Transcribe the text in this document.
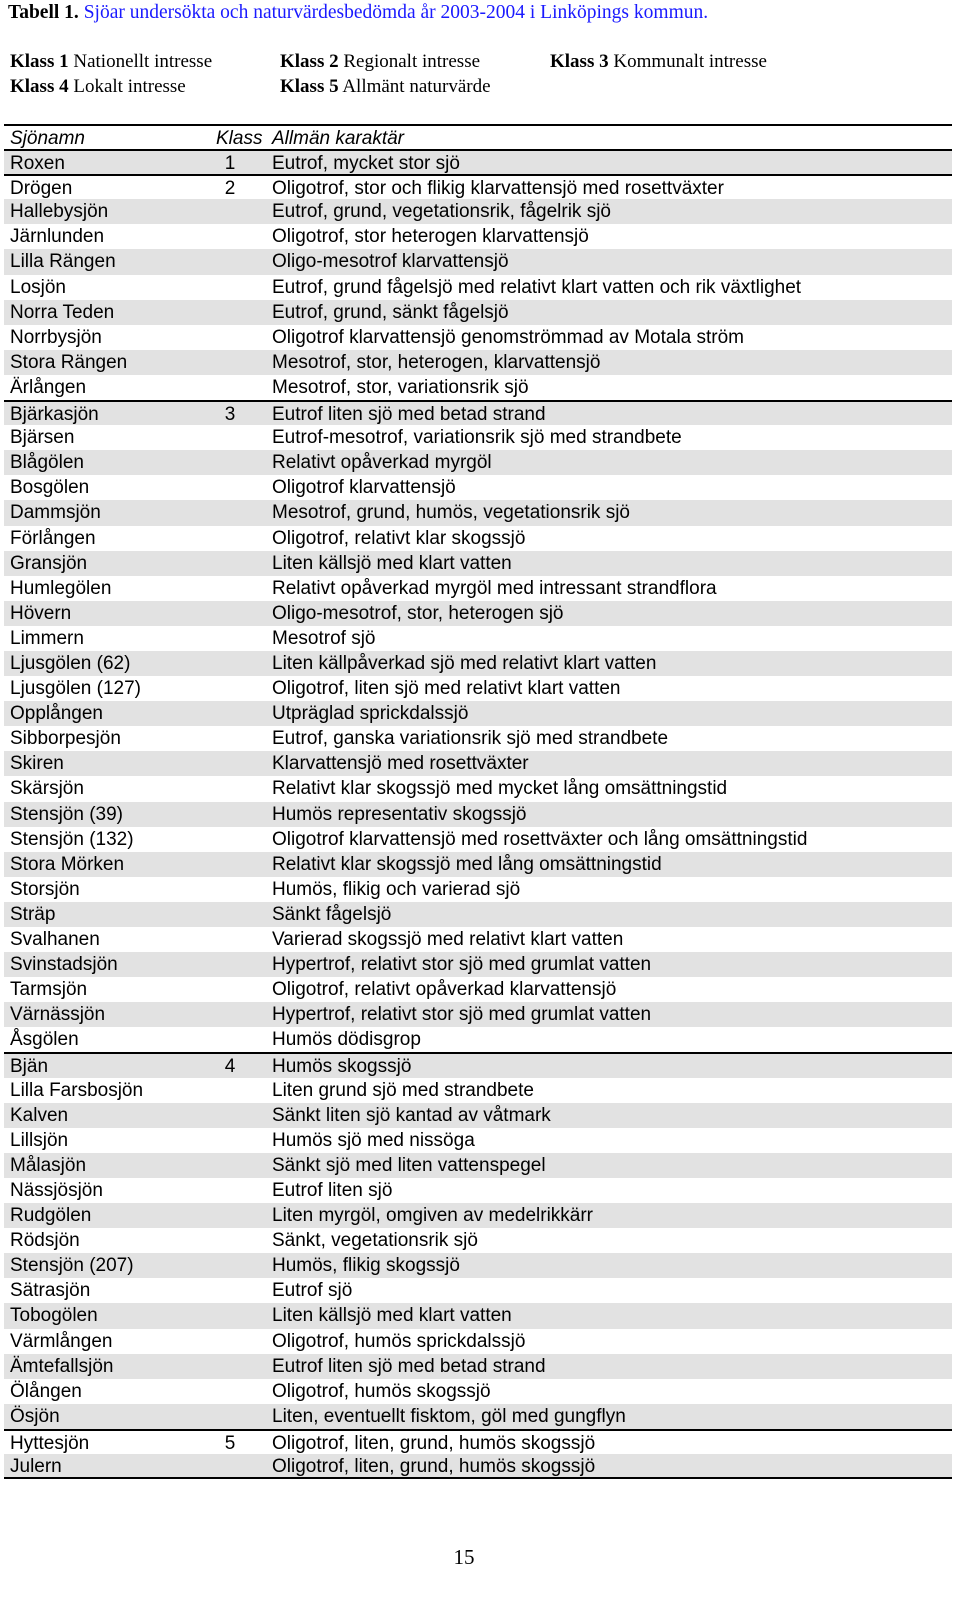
Tabell 1. Sjöar undersökta och naturvärdesbedömda år 2003-2004 i Linköpings kommun.
Klass 1 Nationellt intresse	Klass 2 Regionalt intresse	Klass 3 Kommunalt intresse
Klass 4 Lokalt intresse	Klass 5 Allmänt naturvärde
Sjönamn	Klass Allmän karaktär
Roxen	1	Eutrof, mycket stor sjö
Drögen	2	Oligotrof, stor och flikig klarvattensjö med rosettväxter
Hallebysjön	Eutrof, grund, vegetationsrik, fågelrik sjö
Järnlunden	Oligotrof, stor heterogen klarvattensjö
Lilla Rängen	Oligo-mesotrof klarvattensjö
Losjön	Eutrof, grund fågelsjö med relativt klart vatten och rik växtlighet
Norra Teden	Eutrof, grund, sänkt fågelsjö
Norrbysjön	Oligotrof klarvattensjö genomströmmad av Motala ström
Stora Rängen	Mesotrof, stor, heterogen, klarvattensjö
Ärlången	Mesotrof, stor, variationsrik sjö
Bjärkasjön	3	Eutrof liten sjö med betad strand
Bjärsen	Eutrof-mesotrof, variationsrik sjö med strandbete
Blågölen	Relativt opåverkad myrgöl
Bosgölen	Oligotrof klarvattensjö
Dammsjön	Mesotrof, grund, humös, vegetationsrik sjö
Förlången	Oligotrof, relativt klar skogssjö
Gransjön	Liten källsjö med klart vatten
Humlegölen	Relativt opåverkad myrgöl med intressant strandflora
Hövern	Oligo-mesotrof, stor, heterogen sjö
Limmern	Mesotrof sjö
Ljusgölen (62)	Liten källpåverkad sjö med relativt klart vatten
Ljusgölen (127)	Oligotrof, liten sjö med relativt klart vatten
Opplången	Utpräglad sprickdalssjö
Sibborpesjön	Eutrof, ganska variationsrik sjö med strandbete
Skiren	Klarvattensjö med rosettväxter
Skärsjön	Relativt klar skogssjö med mycket lång omsättningstid
Stensjön (39)	Humös representativ skogssjö
Stensjön (132)	Oligotrof klarvattensjö med rosettväxter och lång omsättningstid
Stora Mörken	Relativt klar skogssjö med lång omsättningstid
Storsjön	Humös, flikig och varierad sjö
Sträp	Sänkt fågelsjö
Svalhanen	Varierad skogssjö med relativt klart vatten
Svinstadsjön	Hypertrof, relativt stor sjö med grumlat vatten
Tarmsjön	Oligotrof, relativt opåverkad klarvattensjö
Värnässjön	Hypertrof, relativt stor sjö med grumlat vatten
Åsgölen	Humös dödisgrop
Bjän	4	Humös skogssjö
Lilla Farsbosjön	Liten grund sjö med strandbete
Kalven	Sänkt liten sjö kantad av våtmark
Lillsjön	Humös sjö med nissöga
Målasjön	Sänkt sjö med liten vattenspegel
Nässjösjön	Eutrof liten sjö
Rudgölen	Liten myrgöl, omgiven av medelrikkärr
Rödsjön	Sänkt, vegetationsrik sjö
Stensjön (207)	Humös, flikig skogssjö
Sätrasjön	Eutrof sjö
Tobogölen	Liten källsjö med klart vatten
Värmlången	Oligotrof, humös sprickdalssjö
Ämtefallsjön	Eutrof liten sjö med betad strand
Ölången	Oligotrof, humös skogssjö
Ösjön	Liten, eventuellt fisktom, göl med gungflyn
Hyttesjön	5	Oligotrof, liten, grund, humös skogssjö
Julern	Oligotrof, liten, grund, humös skogssjö
15
